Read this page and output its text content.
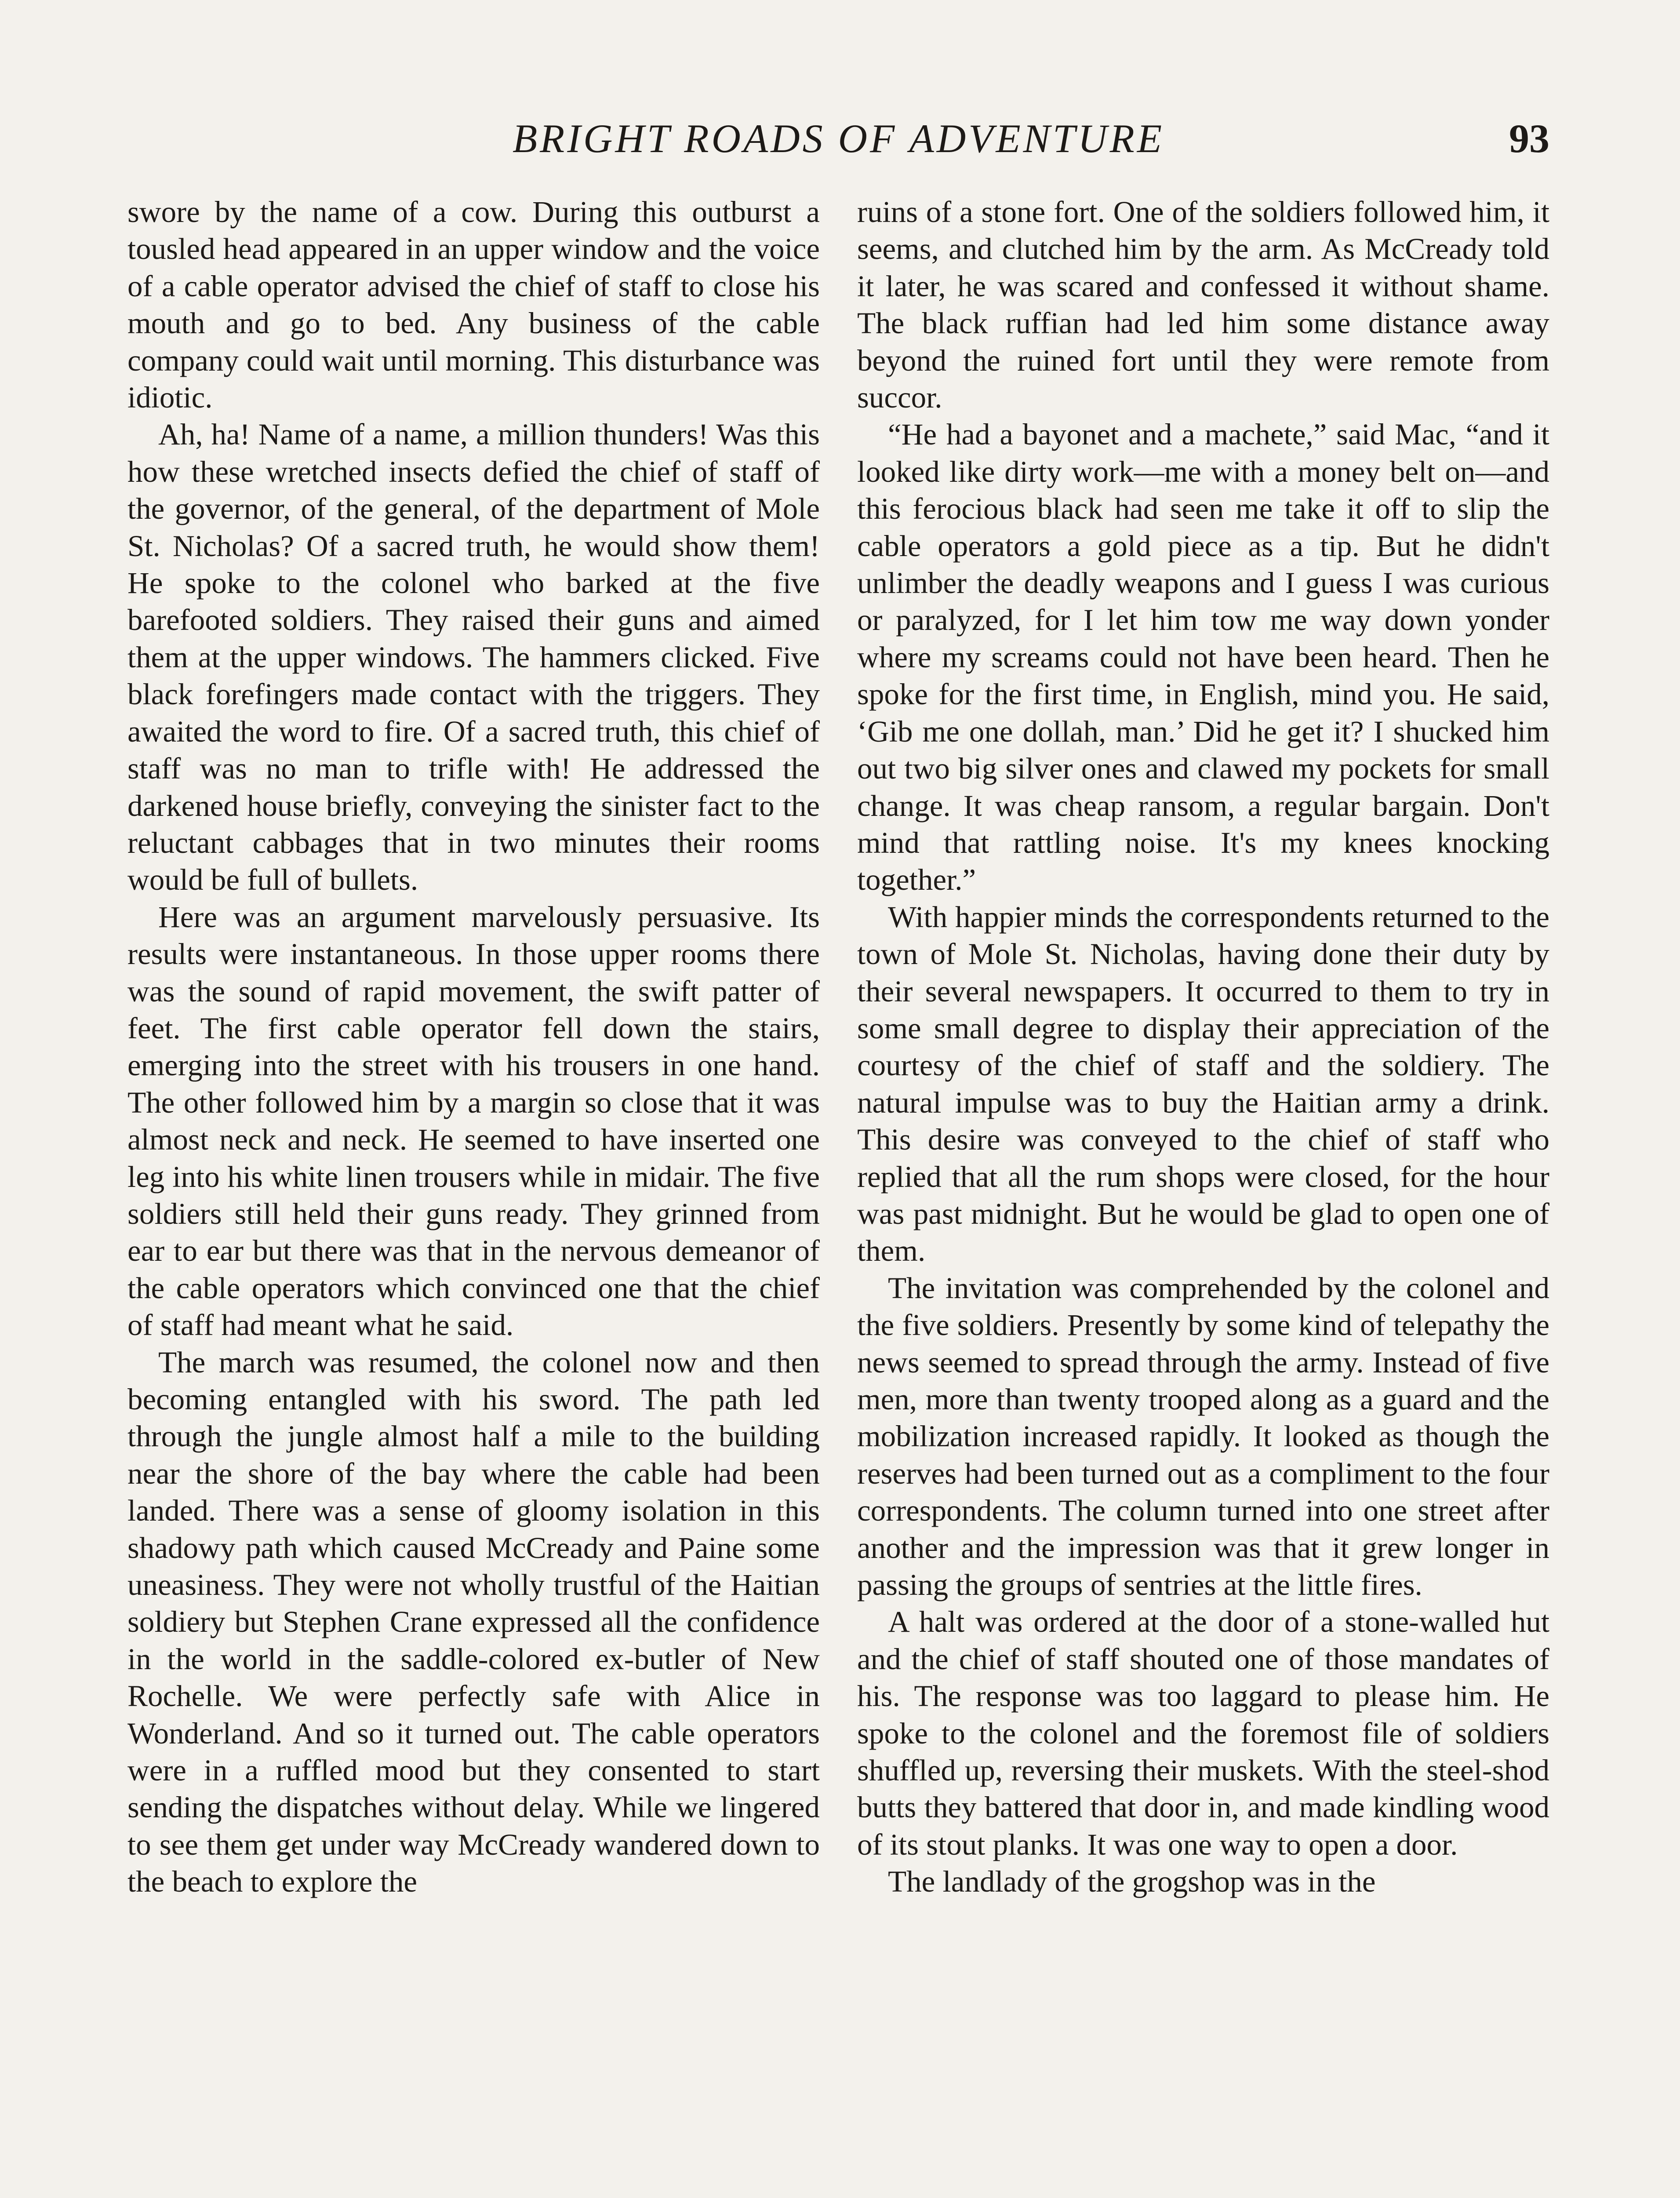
BRIGHT ROADS OF ADVENTURE	93

swore by the name of a cow. During this outburst a tousled head appeared in an upper window and the voice of a cable operator advised the chief of staff to close his mouth and go to bed. Any business of the cable company could wait until morning. This disturbance was idiotic.

Ah, ha! Name of a name, a million thunders! Was this how these wretched insects defied the chief of staff of the governor, of the general, of the department of Mole St. Nicholas? Of a sacred truth, he would show them! He spoke to the colonel who barked at the five barefooted soldiers. They raised their guns and aimed them at the upper windows. The hammers clicked. Five black forefingers made contact with the triggers. They awaited the word to fire. Of a sacred truth, this chief of staff was no man to trifle with! He addressed the darkened house briefly, conveying the sinister fact to the reluctant cabbages that in two minutes their rooms would be full of bullets.

Here was an argument marvelously persuasive. Its results were instantaneous. In those upper rooms there was the sound of rapid movement, the swift patter of feet. The first cable operator fell down the stairs, emerging into the street with his trousers in one hand. The other followed him by a margin so close that it was almost neck and neck. He seemed to have inserted one leg into his white linen trousers while in midair. The five soldiers still held their guns ready. They grinned from ear to ear but there was that in the nervous demeanor of the cable operators which convinced one that the chief of staff had meant what he said.

The march was resumed, the colonel now and then becoming entangled with his sword. The path led through the jungle almost half a mile to the building near the shore of the bay where the cable had been landed. There was a sense of gloomy isolation in this shadowy path which caused McCready and Paine some uneasiness. They were not wholly trustful of the Haitian soldiery but Stephen Crane expressed all the confidence in the world in the saddle-colored ex-butler of New Rochelle. We were perfectly safe with Alice in Wonderland. And so it turned out. The cable operators were in a ruffled mood but they consented to start sending the dispatches without delay. While we lingered to see them get under way McCready wandered down to the beach to explore the

ruins of a stone fort. One of the soldiers followed him, it seems, and clutched him by the arm. As McCready told it later, he was scared and confessed it without shame. The black ruffian had led him some distance away beyond the ruined fort until they were remote from succor.

“He had a bayonet and a machete,” said Mac, “and it looked like dirty work—me with a money belt on—and this ferocious black had seen me take it off to slip the cable operators a gold piece as a tip. But he didn't unlimber the deadly weapons and I guess I was curious or paralyzed, for I let him tow me way down yonder where my screams could not have been heard. Then he spoke for the first time, in English, mind you. He said, ‘Gib me one dollah, man.’ Did he get it? I shucked him out two big silver ones and clawed my pockets for small change. It was cheap ransom, a regular bargain. Don't mind that rattling noise. It's my knees knocking together.”

With happier minds the correspondents returned to the town of Mole St. Nicholas, having done their duty by their several newspapers. It occurred to them to try in some small degree to display their appreciation of the courtesy of the chief of staff and the soldiery. The natural impulse was to buy the Haitian army a drink. This desire was conveyed to the chief of staff who replied that all the rum shops were closed, for the hour was past midnight. But he would be glad to open one of them.

The invitation was comprehended by the colonel and the five soldiers. Presently by some kind of telepathy the news seemed to spread through the army. Instead of five men, more than twenty trooped along as a guard and the mobilization increased rapidly. It looked as though the reserves had been turned out as a compliment to the four correspondents. The column turned into one street after another and the impression was that it grew longer in passing the groups of sentries at the little fires.

A halt was ordered at the door of a stone-walled hut and the chief of staff shouted one of those mandates of his. The response was too laggard to please him. He spoke to the colonel and the foremost file of soldiers shuffled up, reversing their muskets. With the steel-shod butts they battered that door in, and made kindling wood of its stout planks. It was one way to open a door.

The landlady of the grogshop was in the
